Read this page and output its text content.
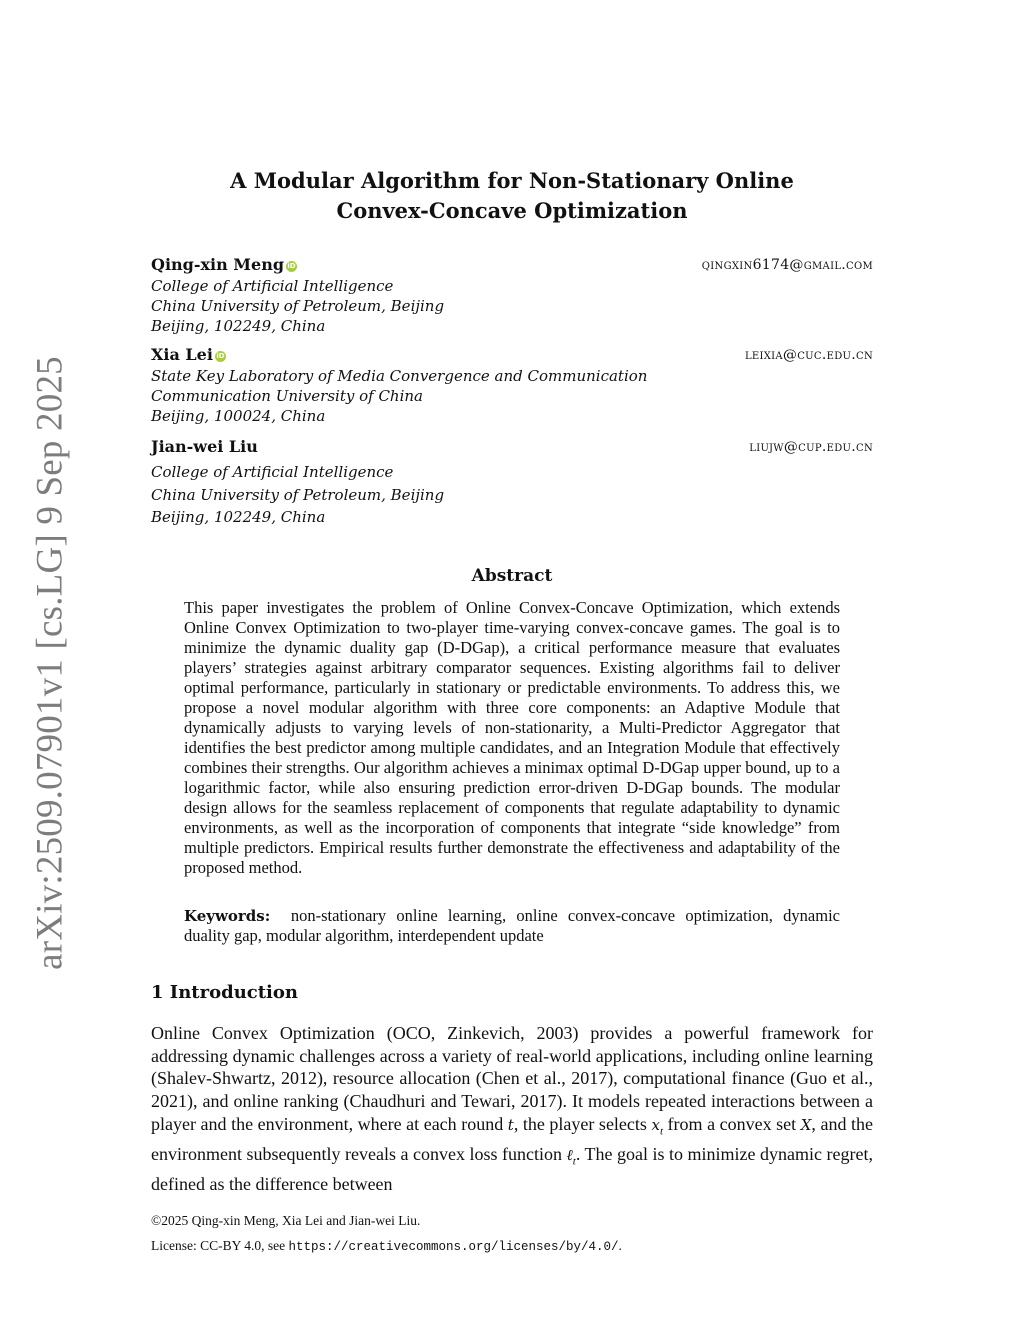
arXiv:2509.07901v1 [cs.LG] 9 Sep 2025
A Modular Algorithm for Non-Stationary Online
Convex-Concave Optimization
Qing-xin Meng iD	qingxin6174@gmail.com
College of Artificial Intelligence
China University of Petroleum, Beijing
Beijing, 102249, China
Xia Lei iD	leixia@cuc.edu.cn
State Key Laboratory of Media Convergence and Communication
Communication University of China
Beijing, 100024, China
Jian-wei Liu	liujw@cup.edu.cn
College of Artificial Intelligence
China University of Petroleum, Beijing
Beijing, 102249, China
Abstract
This paper investigates the problem of Online Convex-Concave Optimization, which extends Online Convex Optimization to two-player time-varying convex-concave games. The goal is to minimize the dynamic duality gap (D-DGap), a critical performance measure that evaluates players’ strategies against arbitrary comparator sequences. Existing algorithms fail to deliver optimal performance, particularly in stationary or predictable environments. To address this, we propose a novel modular algorithm with three core components: an Adaptive Module that dynamically adjusts to varying levels of non-stationarity, a Multi-Predictor Aggregator that identifies the best predictor among multiple candidates, and an Integration Module that effectively combines their strengths. Our algorithm achieves a minimax optimal D-DGap upper bound, up to a logarithmic factor, while also ensuring prediction error-driven D-DGap bounds. The modular design allows for the seamless replacement of components that regulate adaptability to dynamic environments, as well as the incorporation of components that integrate “side knowledge” from multiple predictors. Empirical results further demonstrate the effectiveness and adaptability of the proposed method.
Keywords: non-stationary online learning, online convex-concave optimization, dynamic duality gap, modular algorithm, interdependent update
1 Introduction
Online Convex Optimization (OCO, Zinkevich, 2003) provides a powerful framework for addressing dynamic challenges across a variety of real-world applications, including online learning (Shalev-Shwartz, 2012), resource allocation (Chen et al., 2017), computational finance (Guo et al., 2021), and online ranking (Chaudhuri and Tewari, 2017). It models repeated interactions between a player and the environment, where at each round t, the player selects $x_t$ from a convex set X, and the environment subsequently reveals a convex loss function ℓ$_t$. The goal is to minimize dynamic regret, defined as the difference between
©2025 Qing-xin Meng, Xia Lei and Jian-wei Liu.
License: CC-BY 4.0, see https://creativecommons.org/licenses/by/4.0/.
